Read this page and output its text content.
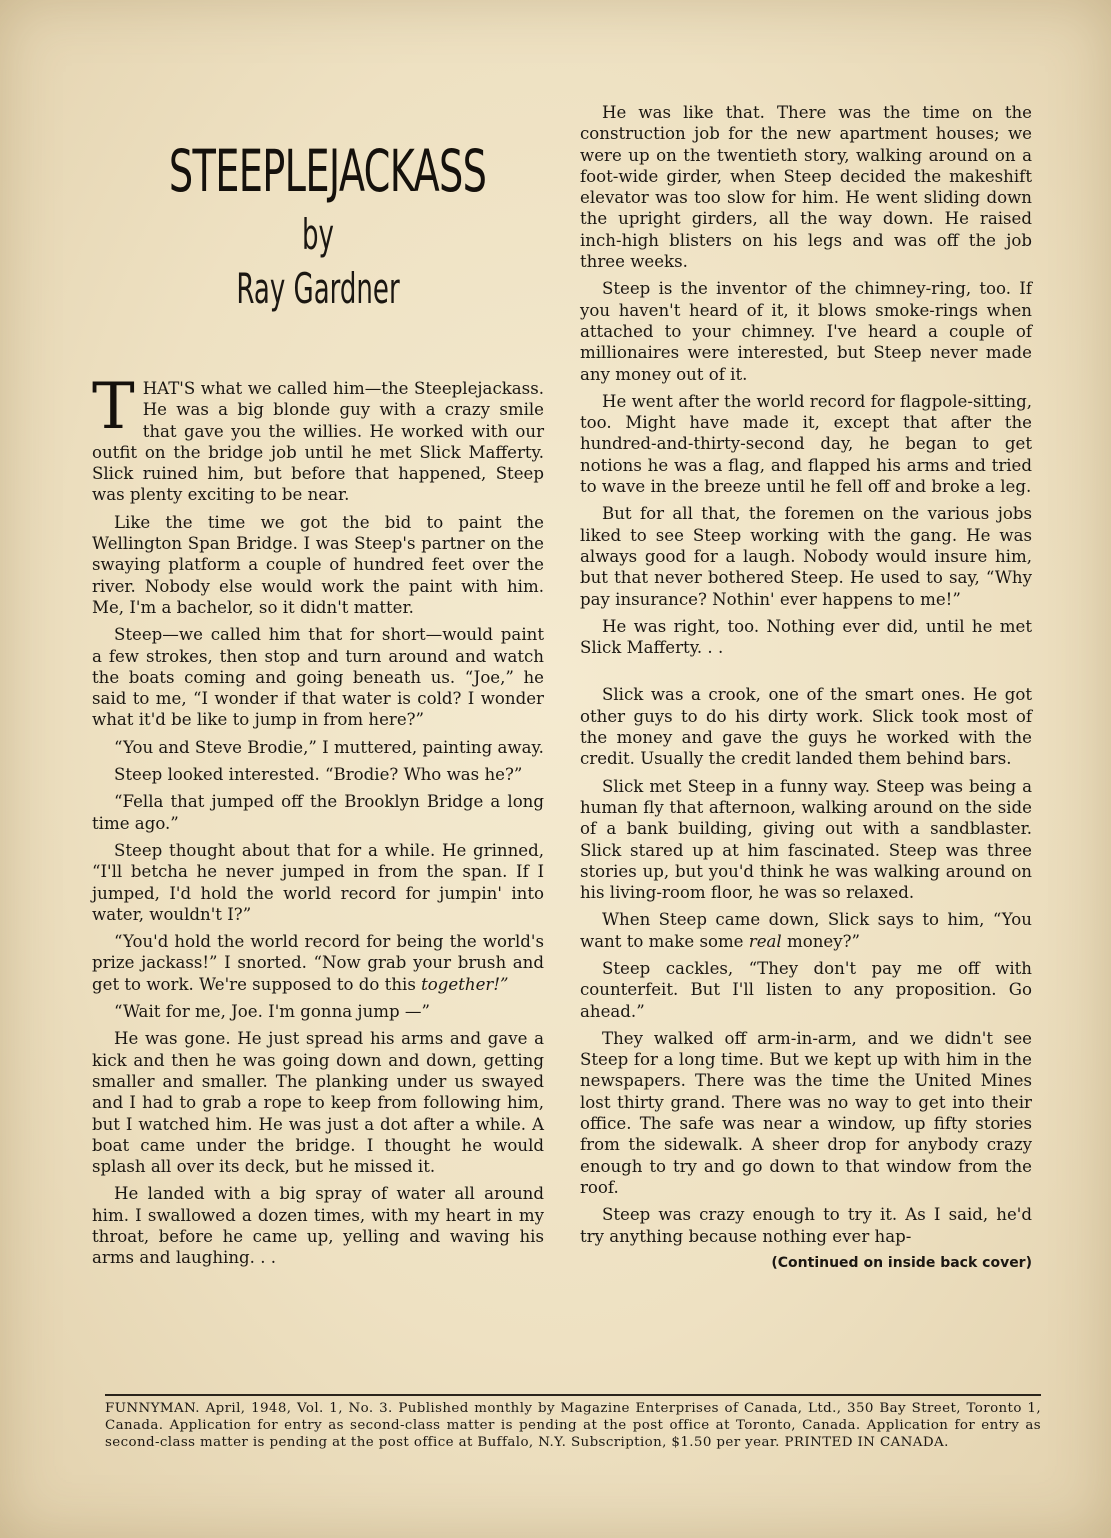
STEEPLEJACKASS
by
Ray Gardner

THAT'S what we called him—the Steeplejackass. He was a big blonde guy with a crazy smile that gave you the willies. He worked with our outfit on the bridge job until he met Slick Mafferty. Slick ruined him, but before that happened, Steep was plenty exciting to be near.

Like the time we got the bid to paint the Wellington Span Bridge. I was Steep's partner on the swaying platform a couple of hundred feet over the river. Nobody else would work the paint with him. Me, I'm a bachelor, so it didn't matter.

Steep—we called him that for short—would paint a few strokes, then stop and turn around and watch the boats coming and going beneath us. “Joe,” he said to me, “I wonder if that water is cold? I wonder what it'd be like to jump in from here?”

“You and Steve Brodie,” I muttered, painting away.

Steep looked interested. “Brodie? Who was he?”

“Fella that jumped off the Brooklyn Bridge a long time ago.”

Steep thought about that for a while. He grinned, “I'll betcha he never jumped in from the span. If I jumped, I'd hold the world record for jumpin' into water, wouldn't I?”

“You'd hold the world record for being the world's prize jackass!” I snorted. “Now grab your brush and get to work. We're supposed to do this together!”

“Wait for me, Joe. I'm gonna jump —”

He was gone. He just spread his arms and gave a kick and then he was going down and down, getting smaller and smaller. The planking under us swayed and I had to grab a rope to keep from following him, but I watched him. He was just a dot after a while. A boat came under the bridge. I thought he would splash all over its deck, but he missed it.

He landed with a big spray of water all around him. I swallowed a dozen times, with my heart in my throat, before he came up, yelling and waving his arms and laughing. . .

He was like that. There was the time on the construction job for the new apartment houses; we were up on the twentieth story, walking around on a foot-wide girder, when Steep decided the makeshift elevator was too slow for him. He went sliding down the upright girders, all the way down. He raised inch-high blisters on his legs and was off the job three weeks.

Steep is the inventor of the chimney-ring, too. If you haven't heard of it, it blows smoke-rings when attached to your chimney. I've heard a couple of millionaires were interested, but Steep never made any money out of it.

He went after the world record for flagpole-sitting, too. Might have made it, except that after the hundred-and-thirty-second day, he began to get notions he was a flag, and flapped his arms and tried to wave in the breeze until he fell off and broke a leg.

But for all that, the foremen on the various jobs liked to see Steep working with the gang. He was always good for a laugh. Nobody would insure him, but that never bothered Steep. He used to say, “Why pay insurance? Nothin' ever happens to me!”

He was right, too. Nothing ever did, until he met Slick Mafferty. . .

Slick was a crook, one of the smart ones. He got other guys to do his dirty work. Slick took most of the money and gave the guys he worked with the credit. Usually the credit landed them behind bars.

Slick met Steep in a funny way. Steep was being a human fly that afternoon, walking around on the side of a bank building, giving out with a sandblaster. Slick stared up at him fascinated. Steep was three stories up, but you'd think he was walking around on his living-room floor, he was so relaxed.

When Steep came down, Slick says to him, “You want to make some real money?”

Steep cackles, “They don't pay me off with counterfeit. But I'll listen to any proposition. Go ahead.”

They walked off arm-in-arm, and we didn't see Steep for a long time. But we kept up with him in the newspapers. There was the time the United Mines lost thirty grand. There was no way to get into their office. The safe was near a window, up fifty stories from the sidewalk. A sheer drop for anybody crazy enough to try and go down to that window from the roof.

Steep was crazy enough to try it. As I said, he'd try anything because nothing ever hap-

(Continued on inside back cover)
FUNNYMAN. April, 1948, Vol. 1, No. 3. Published monthly by Magazine Enterprises of Canada, Ltd., 350 Bay Street, Toronto 1, Canada. Application for entry as second-class matter is pending at the post office at Toronto, Canada. Application for entry as second-class matter is pending at the post office at Buffalo, N.Y. Subscription, $1.50 per year. PRINTED IN CANADA.
